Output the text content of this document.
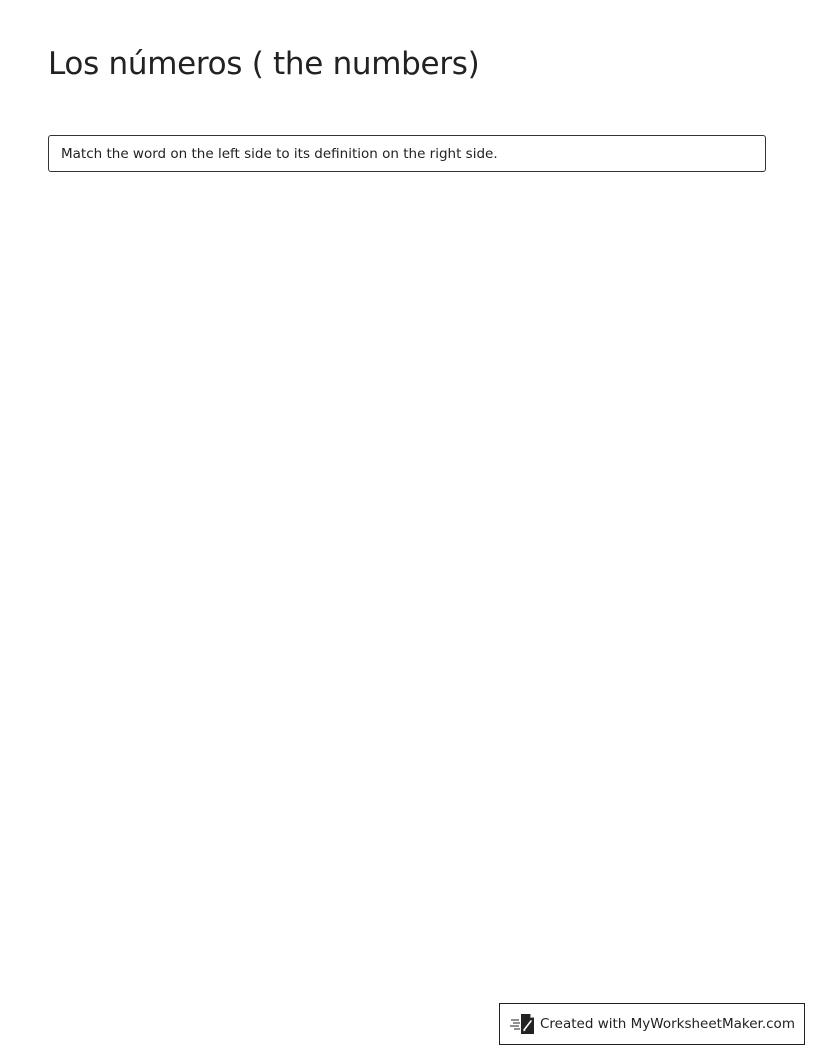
Los números ( the numbers)
Match the word on the left side to its definition on the right side.
Created with MyWorksheetMaker.com
